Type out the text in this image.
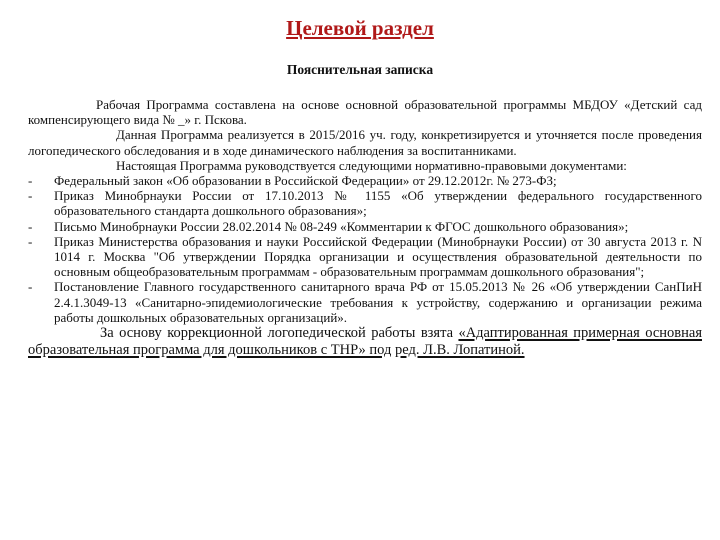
Целевой раздел
Пояснительная записка

Рабочая Программа составлена на основе основной образовательной программы МБДОУ «Детский сад компенсирующего вида № _» г. Пскова.

Данная Программа реализуется в 2015/2016 уч. году, конкретизируется и уточняется после проведения логопедического обследования и в ходе динамического наблюдения за воспитанниками.

Настоящая Программа руководствуется следующими нормативно-правовыми документами:

- Федеральный закон «Об образовании в Российской Федерации» от 29.12.2012г. № 273-ФЗ;
- Приказ Минобрнауки России от 17.10.2013 № 1155 «Об утверждении федерального государственного образовательного стандарта дошкольного образования»;
- Письмо Минобрнауки России 28.02.2014 № 08-249 «Комментарии к ФГОС дошкольного образования»;
- Приказ Министерства образования и науки Российской Федерации (Минобрнауки России) от 30 августа 2013 г. N 1014 г. Москва "Об утверждении Порядка организации и осуществления образовательной деятельности по основным общеобразовательным программам - образовательным программам дошкольного образования";
- Постановление Главного государственного санитарного врача РФ от 15.05.2013 № 26 «Об утверждении СанПиН 2.4.1.3049-13 «Санитарно-эпидемиологические требования к устройству, содержанию и организации режима работы дошкольных образовательных организаций».

За основу коррекционной логопедической работы взята «Адаптированная примерная основная образовательная программа для дошкольников с ТНР» под ред. Л.В. Лопатиной.
